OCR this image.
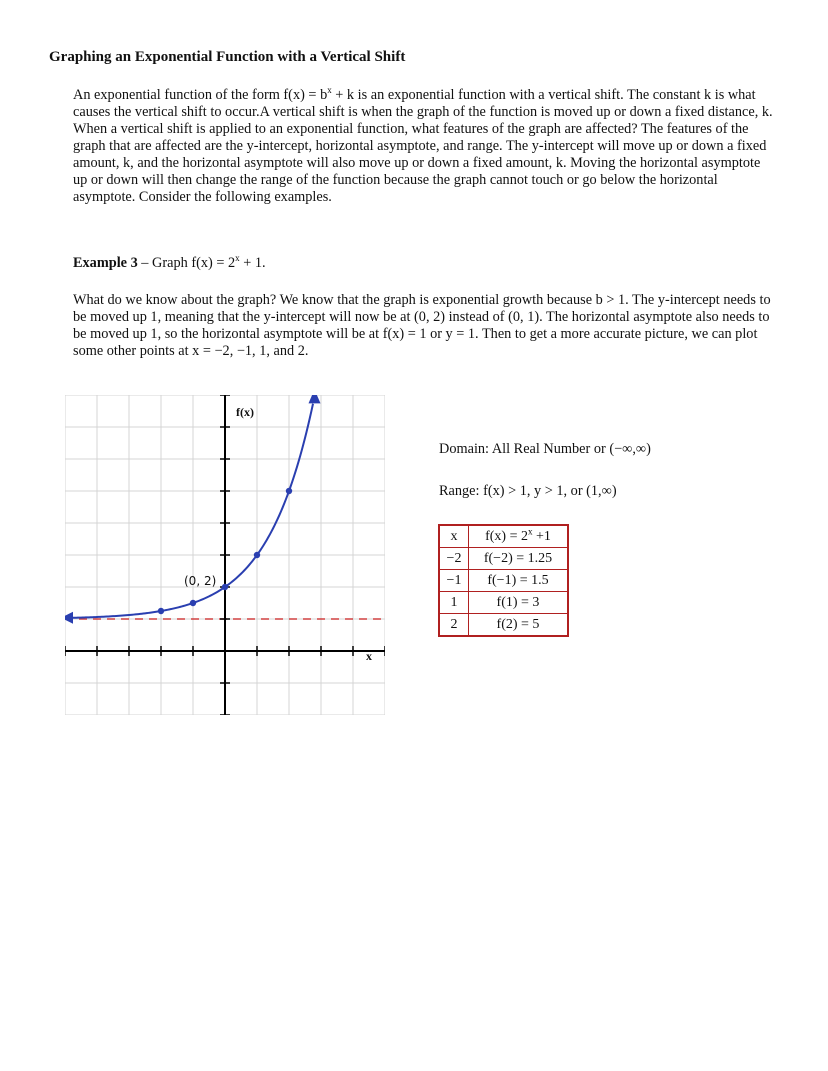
Graphing an Exponential Function with a Vertical Shift

An exponential function of the form $f(x) = b^x + k$ is an exponential function with a vertical shift. The constant k is what causes the vertical shift to occur.A vertical shift is when the graph of the function is moved up or down a fixed distance, k. When a vertical shift is applied to an exponential function, what features of the graph are affected? The features of the graph that are affected are the y-intercept, horizontal asymptote, and range. The y-intercept will move up or down a fixed amount, k, and the horizontal asymptote will also move up or down a fixed amount, k. Moving the horizontal asymptote up or down will then change the range of the function because the graph cannot touch or go below the horizontal asymptote. Consider the following examples.

Example 3 – Graph $f(x) = 2^x + 1$.

What do we know about the graph? We know that the graph is exponential growth because b > 1. The y-intercept needs to be moved up 1, meaning that the y-intercept will now be at (0, 2) instead of (0, 1). The horizontal asymptote also needs to be moved up 1, so the horizontal asymptote will be at f(x) = 1 or y = 1. Then to get a more accurate picture, we can plot some other points at x = −2, −1, 1, and 2.

f(x)
x
(0, 2)
Domain: All Real Number or (−∞,∞)
Range: f(x) > 1, y > 1, or (1,∞)
x	$f(x) = 2^x +1$
−2	f(−2) = 1.25
−1	f(−1) = 1.5
1	f(1) = 3
2	f(2) = 5
